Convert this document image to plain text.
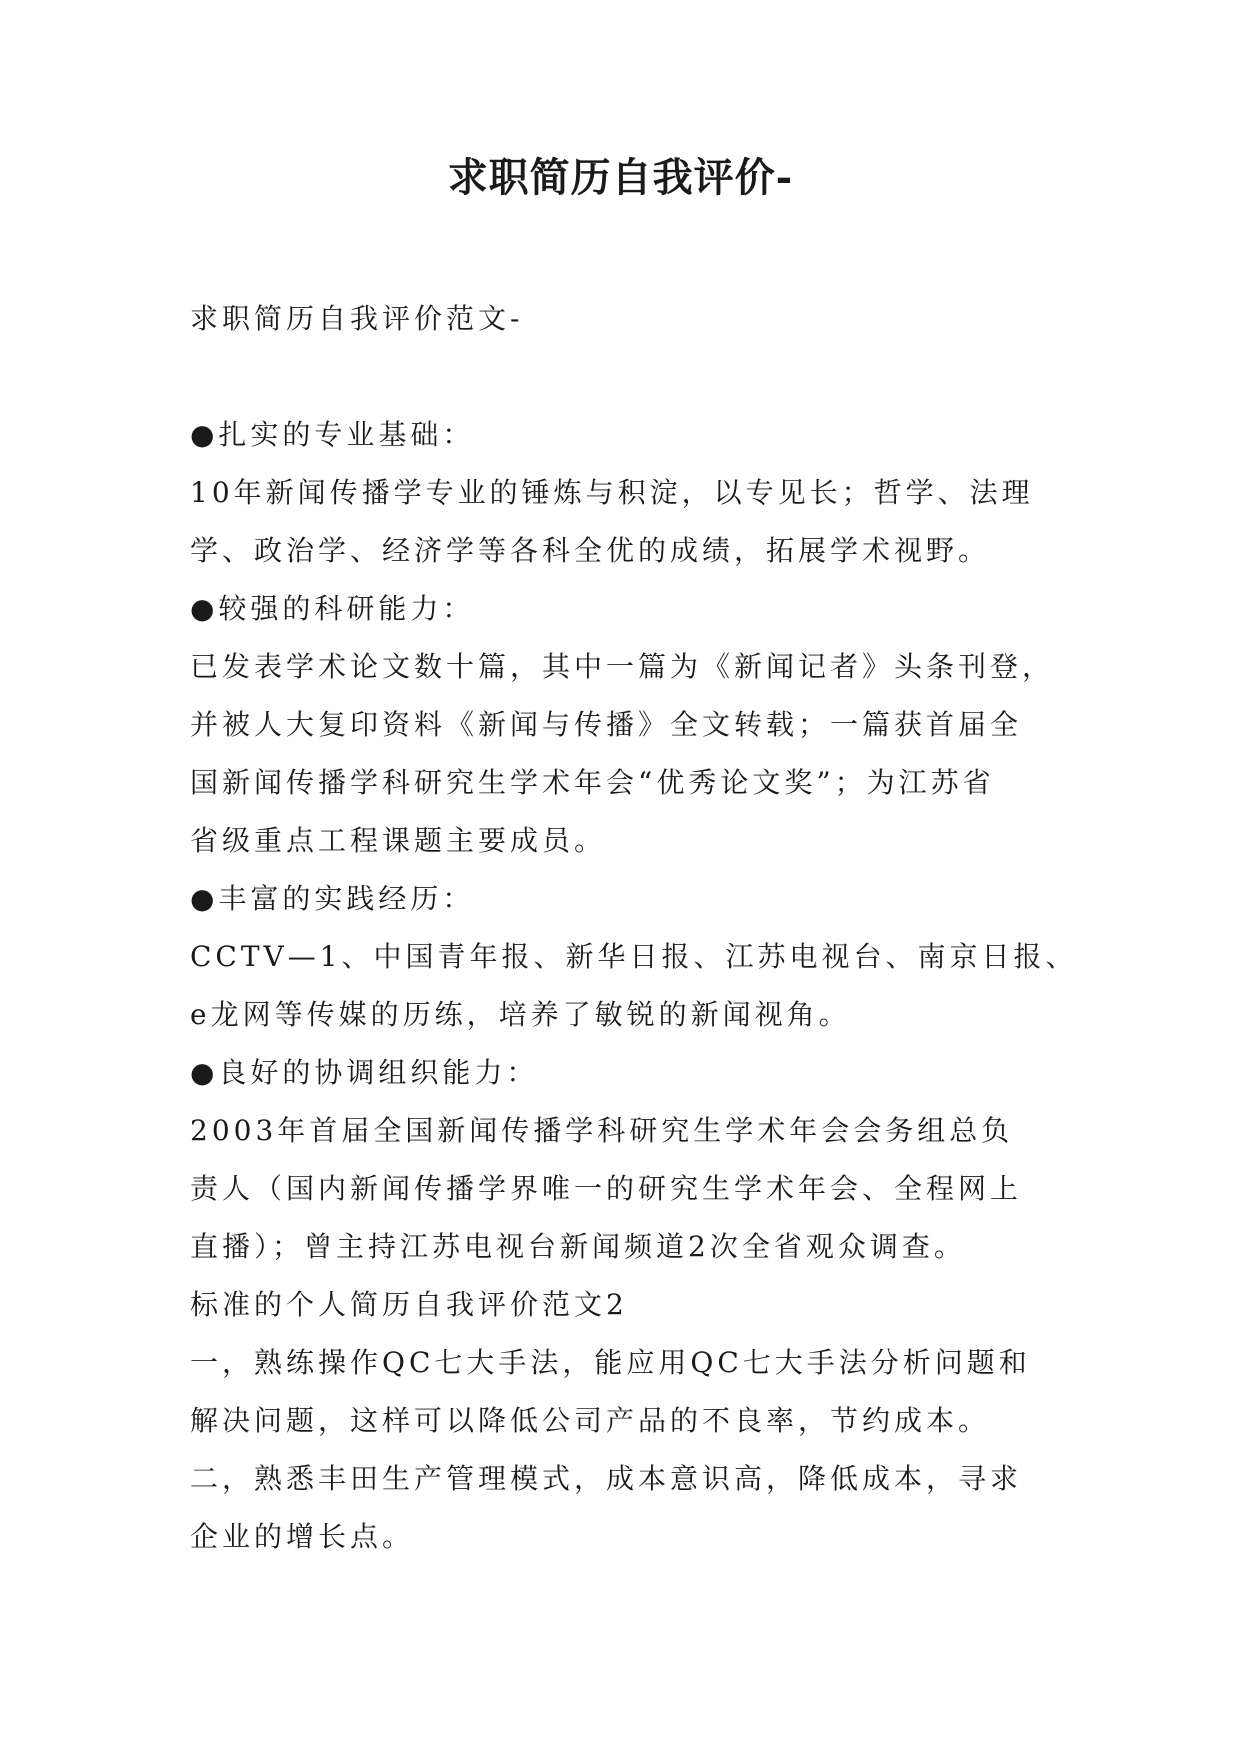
求职简历自我评价-
求职简历自我评价范文-
●扎实的专业基础：
10年新闻传播学专业的锤炼与积淀，以专见长；哲学、法理
学、政治学、经济学等各科全优的成绩，拓展学术视野。
●较强的科研能力：
已发表学术论文数十篇，其中一篇为《新闻记者》头条刊登，
并被人大复印资料《新闻与传播》全文转载；一篇获首届全
国新闻传播学科研究生学术年会“优秀论文奖”；为江苏省
省级重点工程课题主要成员。
●丰富的实践经历：
CCTV—1、中国青年报、新华日报、江苏电视台、南京日报、
e龙网等传媒的历练，培养了敏锐的新闻视角。
●良好的协调组织能力：
2003年首届全国新闻传播学科研究生学术年会会务组总负
责人（国内新闻传播学界唯一的研究生学术年会、全程网上
直播）；曾主持江苏电视台新闻频道2次全省观众调查。
标准的个人简历自我评价范文2
一，熟练操作QC七大手法，能应用QC七大手法分析问题和
解决问题，这样可以降低公司产品的不良率，节约成本。
二，熟悉丰田生产管理模式，成本意识高，降低成本，寻求
企业的增长点。
